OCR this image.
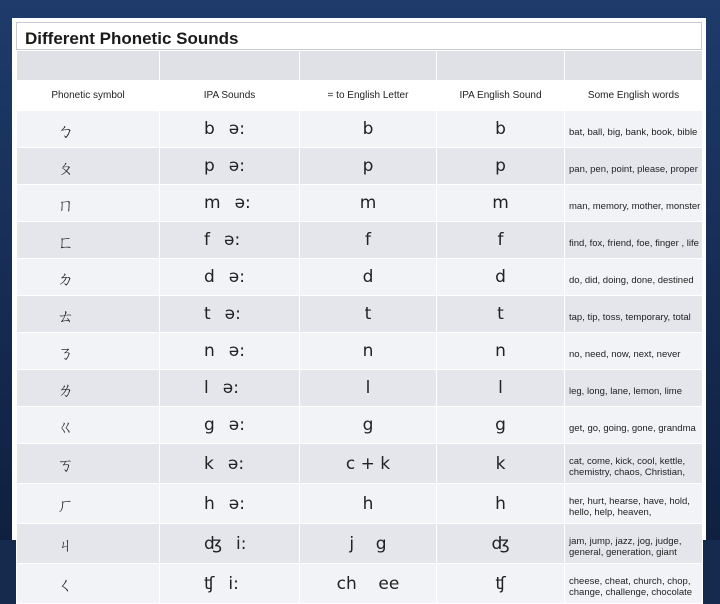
Different Phonetic Sounds

Phonetic symbol	IPA Sounds	= to English Letter	IPA English Sound	Some English words
ㄅ	b ə:	b	b	bat, ball, big, bank, book, bible
ㄆ	p ə:	p	p	pan, pen, point, please, proper
ㄇ	m ə:	m	m	man, memory, mother, monster
ㄈ	f ə:	f	f	find, fox, friend, foe, finger , life
ㄉ	d ə:	d	d	do, did, doing, done, destined
ㄊ	t ə:	t	t	tap, tip, toss, temporary, total
ㄋ	n ə:	n	n	no, need, now, next, never
ㄌ	l ə:	l	l	leg, long, lane, lemon, lime
ㄍ	g ə:	g	g	get, go, going, gone, grandma
ㄎ	k ə:	c + k	k	cat, come, kick, cool, kettle, chemistry, chaos, Christian,
ㄏ	h ə:	h	h	her, hurt, hearse, have, hold, hello, help, heaven,
ㄐ	ʤ i:	j    g	ʤ	jam, jump, jazz, jog, judge, general, generation, giant
ㄑ	ʧ i:	ch    ee	ʧ	cheese, cheat, church, chop, change, challenge, chocolate
